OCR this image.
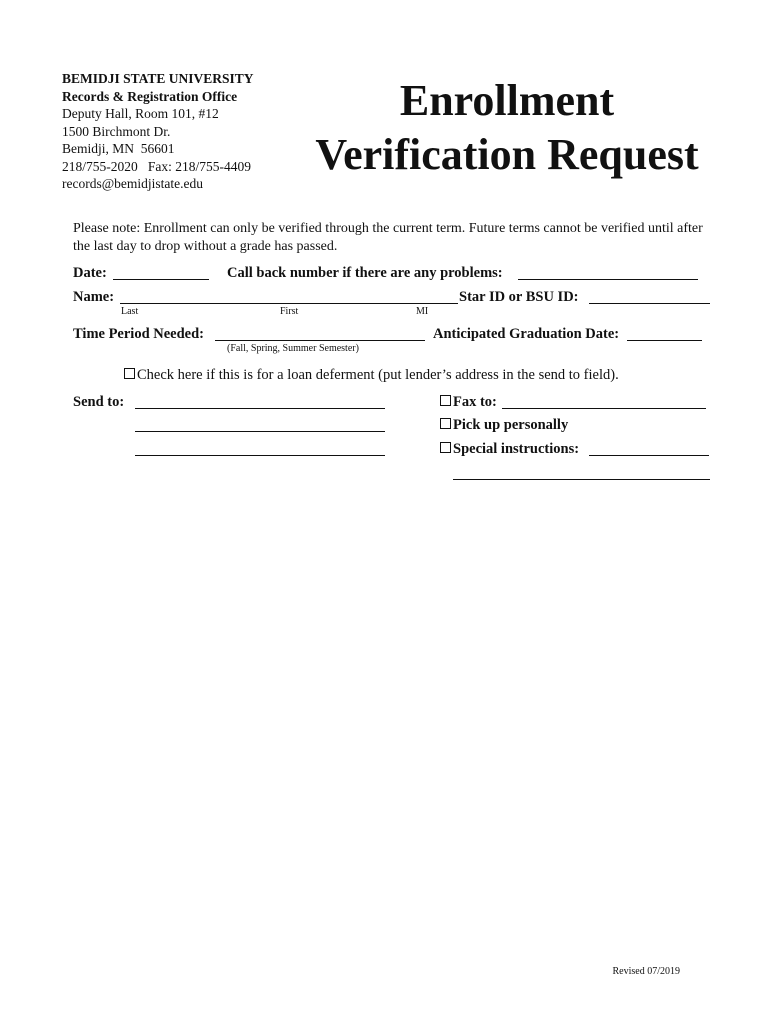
BEMIDJI STATE UNIVERSITY
Records & Registration Office
Deputy Hall, Room 101, #12
1500 Birchmont Dr.
Bemidji, MN  56601
218/755-2020   Fax: 218/755-4409
records@bemidjistate.edu
Enrollment
Verification Request
Please note: Enrollment can only be verified through the current term. Future terms cannot be verified until after the last day to drop without a grade has passed.
Date:	Call back number if there are any problems:
Name:	Star ID or BSU ID:
Last	First	MI
Time Period Needed:	Anticipated Graduation Date:
(Fall, Spring, Summer Semester)
Check here if this is for a loan deferment (put lender’s address in the send to field).
Send to:	Fax to:
Pick up personally
Special instructions:
Revised 07/2019
